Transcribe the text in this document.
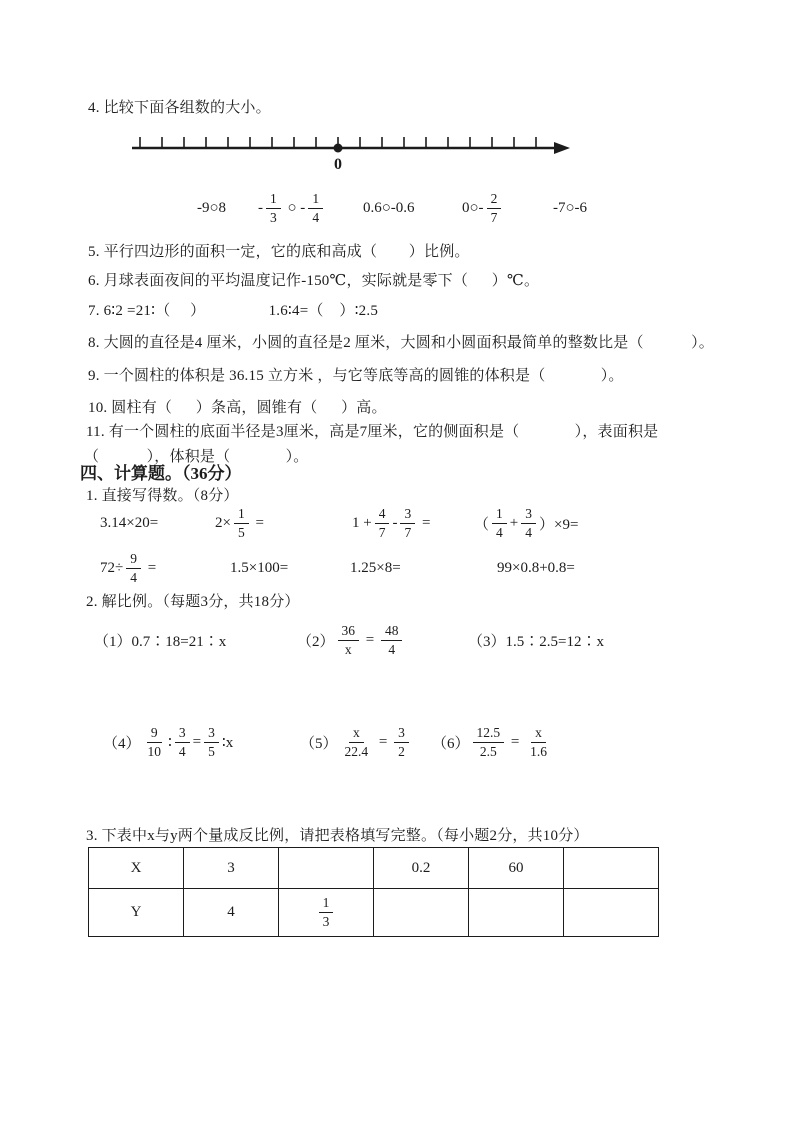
4. 比较下面各组数的大小。
0
-9○8 - $\frac{1}{3}$ ○ - $\frac{1}{4}$	0.6○-0.6	0○- $\frac{2}{7}$	-7○-6
5. 平行四边形的面积一定，它的底和高成（        ）比例。
6. 月球表面夜间的平均温度记作-150℃，实际就是零下（      ）℃。
7. 6∶2 =21∶（     ）                1.6∶4=（    ）∶2.5
8. 大圆的直径是4 厘米，小圆的直径是2 厘米，大圆和小圆面积最简单的整数比是（            ）。
9. 一个圆柱的体积是 36.15 立方米 ，与它等底等高的圆锥的体积是（              ）。
10. 圆柱有（      ）条高，圆锥有（      ）高。
11. 有一个圆柱的底面半径是3厘米，高是7厘米，它的侧面积是（              ），表面积是
（            ），体积是（              ）。
四、计算题。（36分）
1. 直接写得数。（8分）
3.14×20=	$2\times \frac{1}{5}$ =	$1 + \frac{4}{7} - \frac{3}{7}$ =	（ $\frac{1}{4} + \frac{3}{4} )\times 9=$
$72\div \frac{9}{4}$ =	1.5×100=	1.25×8=	99×0.8+0.8=
2. 解比例。（每题3分，共18分）
（1）0.7∶18=21∶x	$(2) \frac{36}{x} = \frac{48}{4}$	（3）1.5∶2.5=12∶x
$(4) \frac{9}{10}$ ∶ $\frac{3}{4} = \frac{3}{5}$ ∶x	$(5) \frac{x}{22.4} = \frac{3}{2} (6) \frac{12.5}{2.5} = \frac{x}{1.6}$
3. 下表中x与y两个量成反比例，请把表格填写完整。（每小题2分，共10分）
X	3		0.2	60	

Y	4	$\frac{1}{3}$
